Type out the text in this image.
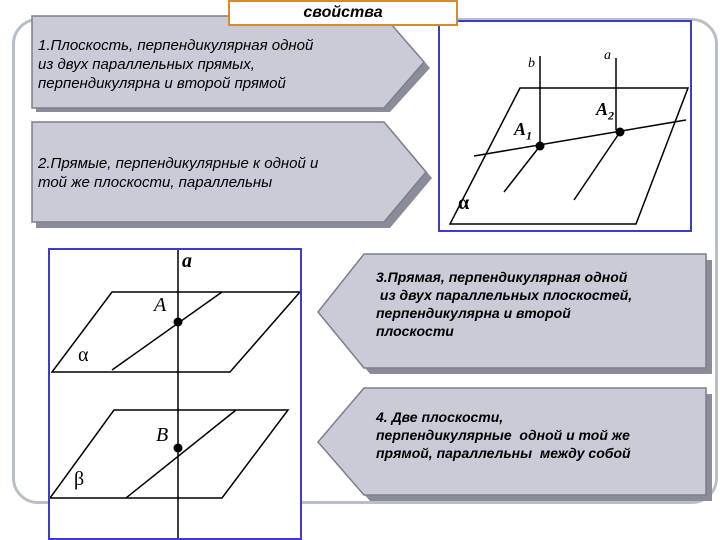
свойства
1.Плоскость, перпендикулярная одной
из двух параллельных прямых,
перпендикулярна и второй прямой
2.Прямые, перпендикулярные к одной и
той же плоскости, параллельны
3.Прямая, перпендикулярная одной
из двух параллельных плоскостей,
перпендикулярна и второй
плоскости
4. Две плоскости,
перпендикулярные  одной и той же
прямой, параллельны  между собой
b
a
$A_1$
$A_2$
α
a
A
B
α
β
